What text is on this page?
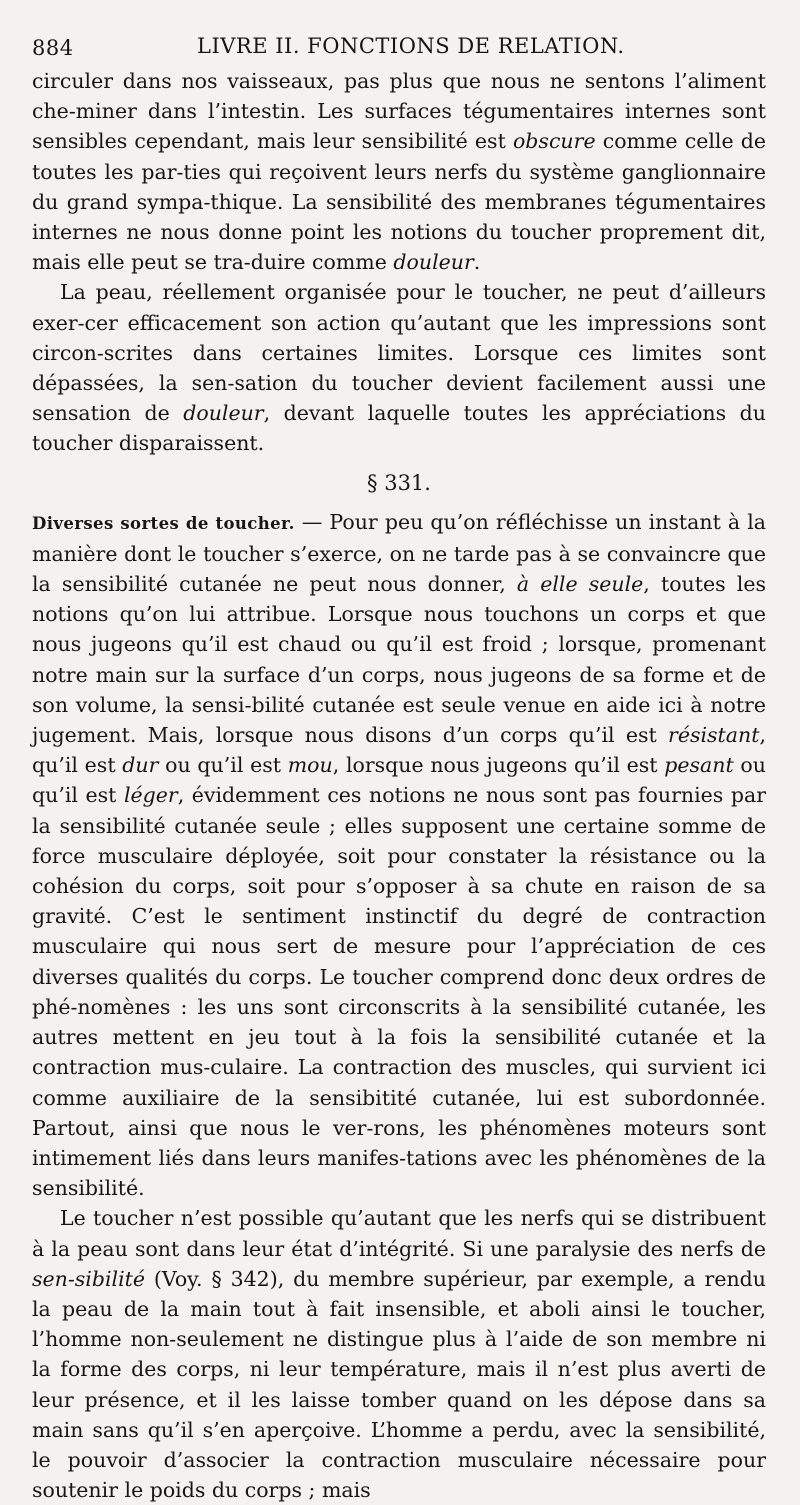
884	LIVRE II. FONCTIONS DE RELATION.

circuler dans nos vaisseaux, pas plus que nous ne sentons l’aliment che-miner dans l’intestin. Les surfaces tégumentaires internes sont sensibles cependant, mais leur sensibilité est obscure comme celle de toutes les par-ties qui reçoivent leurs nerfs du système ganglionnaire du grand sympa-thique. La sensibilité des membranes tégumentaires internes ne nous donne point les notions du toucher proprement dit, mais elle peut se tra-duire comme douleur.

La peau, réellement organisée pour le toucher, ne peut d’ailleurs exer-cer efficacement son action qu’autant que les impressions sont circon-scrites dans certaines limites. Lorsque ces limites sont dépassées, la sen-sation du toucher devient facilement aussi une sensation de douleur, devant laquelle toutes les appréciations du toucher disparaissent.

§ 331.

Diverses sortes de toucher. — Pour peu qu’on réfléchisse un instant à la manière dont le toucher s’exerce, on ne tarde pas à se convaincre que la sensibilité cutanée ne peut nous donner, à elle seule, toutes les notions qu’on lui attribue. Lorsque nous touchons un corps et que nous jugeons qu’il est chaud ou qu’il est froid ; lorsque, promenant notre main sur la surface d’un corps, nous jugeons de sa forme et de son volume, la sensi-bilité cutanée est seule venue en aide ici à notre jugement. Mais, lorsque nous disons d’un corps qu’il est résistant, qu’il est dur ou qu’il est mou, lorsque nous jugeons qu’il est pesant ou qu’il est léger, évidemment ces notions ne nous sont pas fournies par la sensibilité cutanée seule ; elles supposent une certaine somme de force musculaire déployée, soit pour constater la résistance ou la cohésion du corps, soit pour s’opposer à sa chute en raison de sa gravité. C’est le sentiment instinctif du degré de contraction musculaire qui nous sert de mesure pour l’appréciation de ces diverses qualités du corps. Le toucher comprend donc deux ordres de phé-nomènes : les uns sont circonscrits à la sensibilité cutanée, les autres mettent en jeu tout à la fois la sensibilité cutanée et la contraction mus-culaire. La contraction des muscles, qui survient ici comme auxiliaire de la sensibitité cutanée, lui est subordonnée. Partout, ainsi que nous le ver-rons, les phénomènes moteurs sont intimement liés dans leurs manifes-tations avec les phénomènes de la sensibilité.

Le toucher n’est possible qu’autant que les nerfs qui se distribuent à la peau sont dans leur état d’intégrité. Si une paralysie des nerfs de sen-sibilité (Voy. § 342), du membre supérieur, par exemple, a rendu la peau de la main tout à fait insensible, et aboli ainsi le toucher, l’homme non-seulement ne distingue plus à l’aide de son membre ni la forme des corps, ni leur température, mais il n’est plus averti de leur présence, et il les laisse tomber quand on les dépose dans sa main sans qu’il s’en aperçoive. L’homme a perdu, avec la sensibilité, le pouvoir d’associer la contraction musculaire nécessaire pour soutenir le poids du corps ; mais
